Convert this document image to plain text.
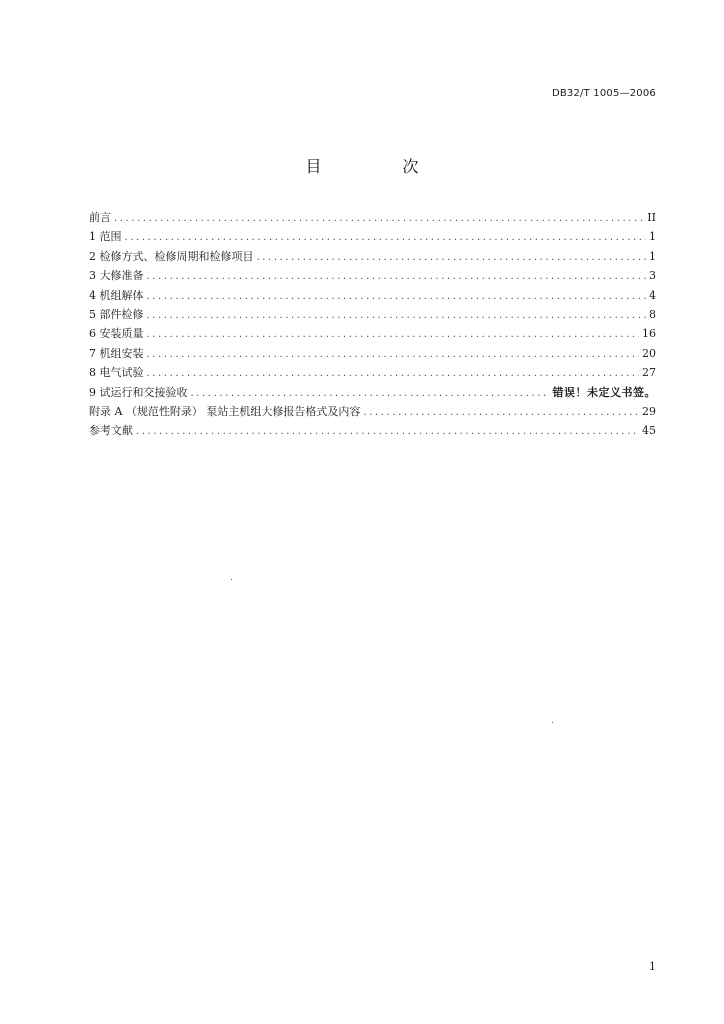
DB32/T 1005—2006
目 次
前言 .....	II
1 范围 .....	1
2 检修方式、检修周期和检修项目 .....	1
3 大修准备 .....	3
4 机组解体 .....	4
5 部件检修 .....	8
6 安装质量 .....	16
7 机组安装 .....	20
8 电气试验 .....	27
9 试运行和交接验收 .....	错误！未定义书签。
附录 A （规范性附录） 泵站主机组大修报告格式及内容 .....	29
参考文献 .....	45
1
